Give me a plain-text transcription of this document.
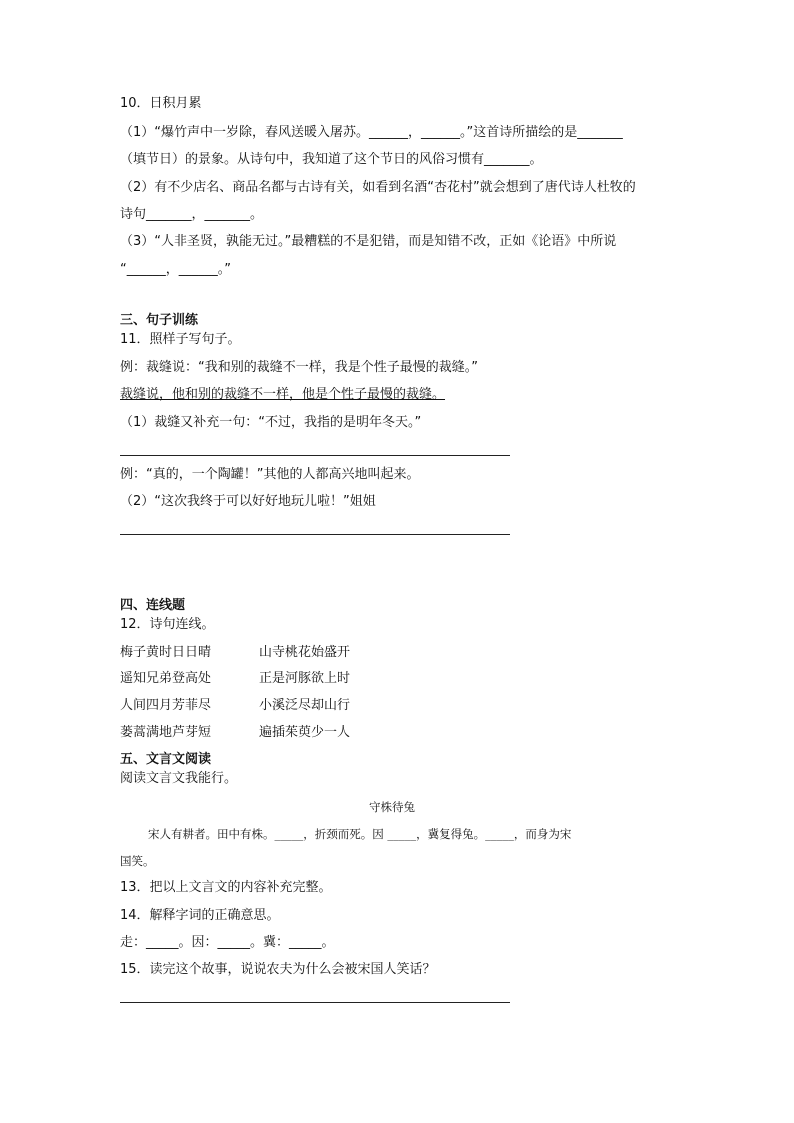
10．日积月累
（1）“爆竹声中一岁除，春风送暖入屠苏。______，______。”这首诗所描绘的是_______
（填节日）的景象。从诗句中，我知道了这个节日的风俗习惯有_______。
（2）有不少店名、商品名都与古诗有关，如看到名酒“杏花村”就会想到了唐代诗人杜牧的
诗句_______，_______。
（3）“人非圣贤，孰能无过。”最糟糕的不是犯错，而是知错不改，正如《论语》中所说
“______，______。”
三、句子训练
11．照样子写句子。
例：裁缝说：“我和别的裁缝不一样，我是个性子最慢的裁缝。”
裁缝说，他和别的裁缝不一样，他是个性子最慢的裁缝。
（1）裁缝又补充一句：“不过，我指的是明年冬天。”
例：“真的，一个陶罐！”其他的人都高兴地叫起来。
（2）“这次我终于可以好好地玩儿啦！”姐姐
四、连线题
12．诗句连线。
梅子黄时日日晴	山寺桃花始盛开
遥知兄弟登高处	正是河豚欲上时
人间四月芳菲尽	小溪泛尽却山行
蒌蒿满地芦芽短	遍插茱萸少一人
五、文言文阅读
阅读文言文我能行。
守株待兔
宋人有耕者。田中有株。_____，折颈而死。因 _____，冀复得兔。_____，而身为宋
国笑。
13．把以上文言文的内容补充完整。
14．解释字词的正确意思。
走：_____。因：_____。冀：_____。
15．读完这个故事，说说农夫为什么会被宋国人笑话？
